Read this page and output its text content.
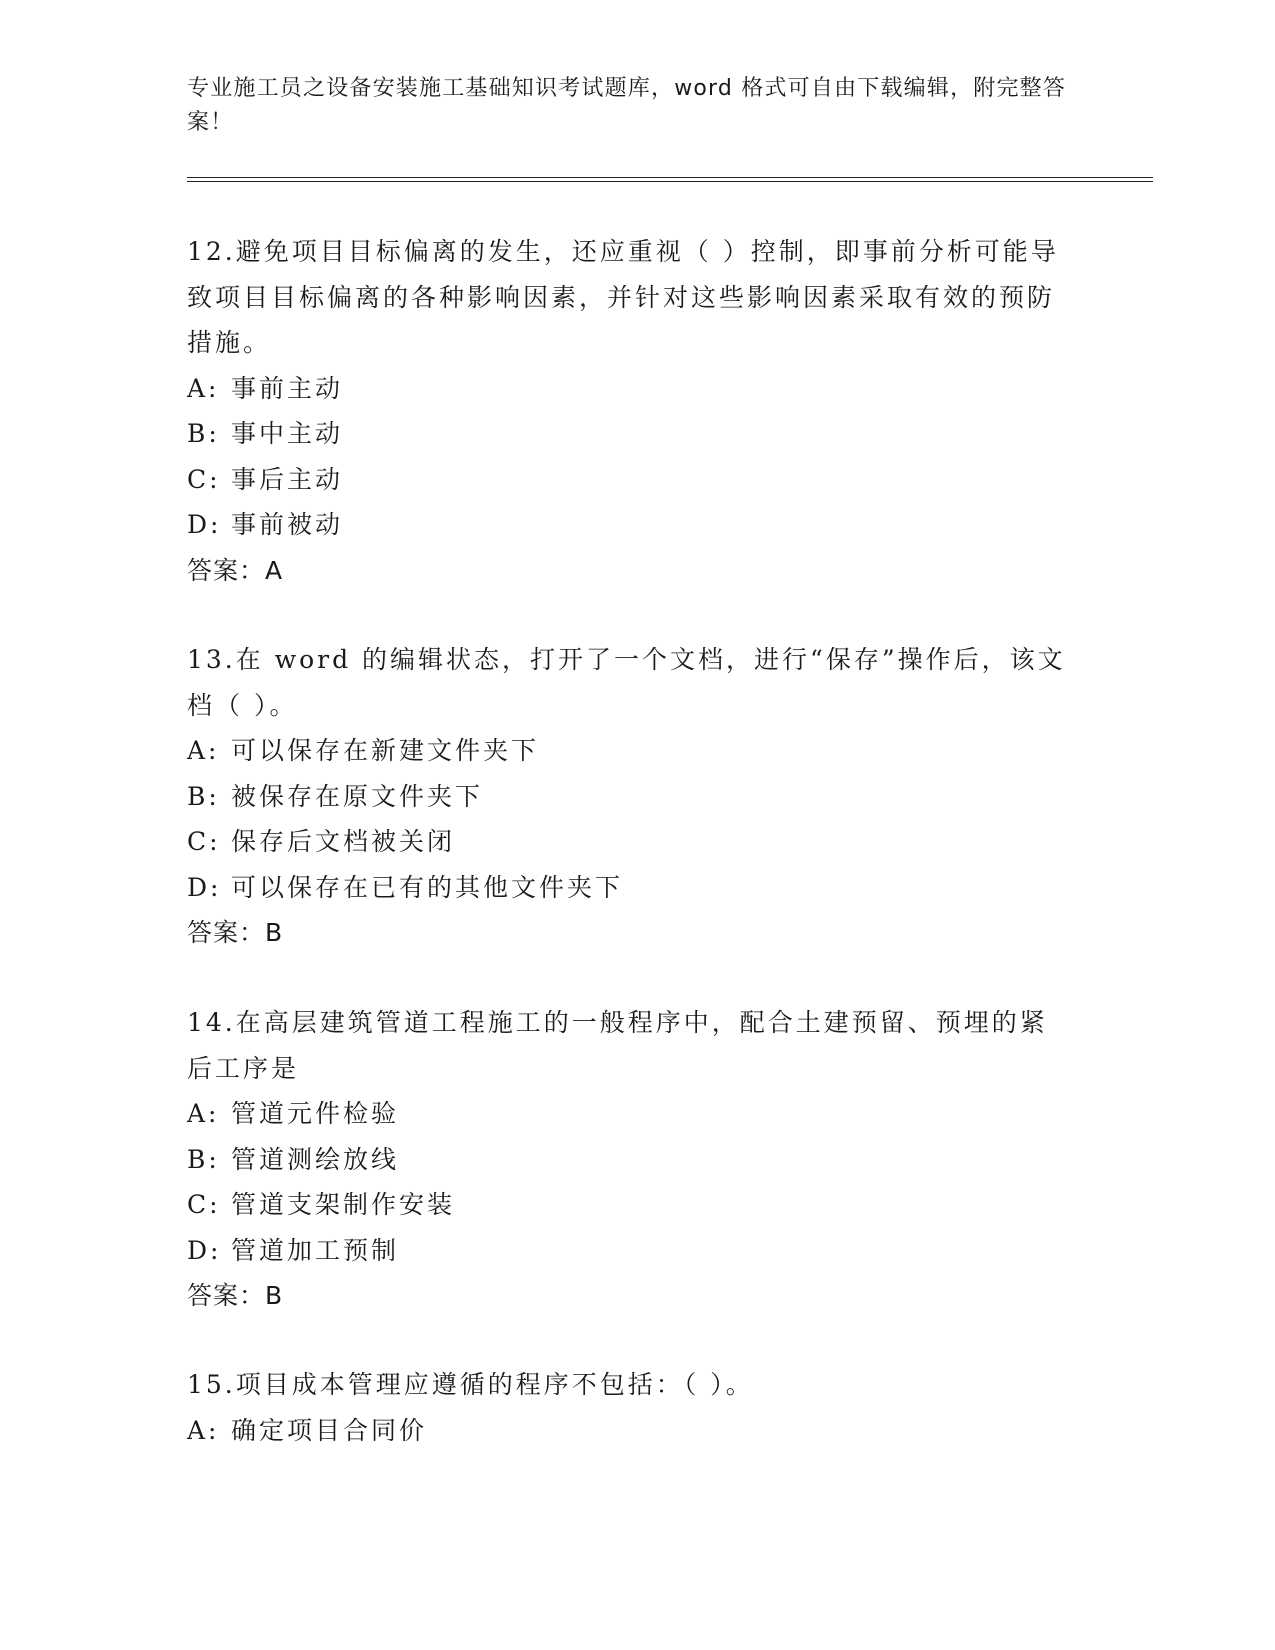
专业施工员之设备安装施工基础知识考试题库，word 格式可自由下载编辑，附完整答案！

12.避免项目目标偏离的发生，还应重视（ ）控制，即事前分析可能导致项目目标偏离的各种影响因素，并针对这些影响因素采取有效的预防措施。

A: 事前主动

B: 事中主动

C: 事后主动

D: 事前被动

答案：A

13.在 word 的编辑状态，打开了一个文档，进行“保存”操作后，该文档（ ）。

A: 可以保存在新建文件夹下

B: 被保存在原文件夹下

C: 保存后文档被关闭

D: 可以保存在已有的其他文件夹下

答案：B

14.在高层建筑管道工程施工的一般程序中，配合土建预留、预埋的紧后工序是

A: 管道元件检验

B: 管道测绘放线

C: 管道支架制作安装

D: 管道加工预制

答案：B

15.项目成本管理应遵循的程序不包括：（ ）。

A: 确定项目合同价
